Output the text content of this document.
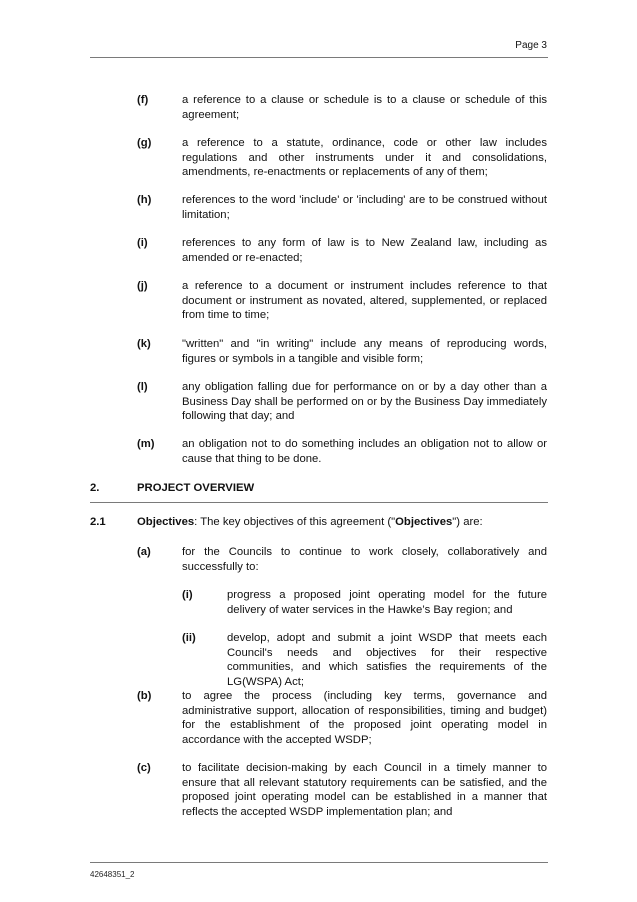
Page 3
(f)	a reference to a clause or schedule is to a clause or schedule of this agreement;
(g)	a reference to a statute, ordinance, code or other law includes regulations and other instruments under it and consolidations, amendments, re-enactments or replacements of any of them;
(h)	references to the word 'include' or 'including' are to be construed without limitation;
(i)	references to any form of law is to New Zealand law, including as amended or re-enacted;
(j)	a reference to a document or instrument includes reference to that document or instrument as novated, altered, supplemented, or replaced from time to time;
(k)	"written" and "in writing" include any means of reproducing words, figures or symbols in a tangible and visible form;
(l)	any obligation falling due for performance on or by a day other than a Business Day shall be performed on or by the Business Day immediately following that day; and
(m) an obligation not to do something includes an obligation not to allow or cause that thing to be done.
2.	PROJECT OVERVIEW
2.1	Objectives: The key objectives of this agreement ("Objectives") are:
(a)	for the Councils to continue to work closely, collaboratively and successfully to:
(i)	progress a proposed joint operating model for the future delivery of water services in the Hawke’s Bay region; and
(ii)	develop, adopt and submit a joint WSDP that meets each Council's needs and objectives for their respective communities, and which satisfies the requirements of the LG(WSPA) Act;
(b)	to agree the process (including key terms, governance and administrative support, allocation of responsibilities, timing and budget) for the establishment of the proposed joint operating model in accordance with the accepted WSDP;
(c)	to facilitate decision-making by each Council in a timely manner to ensure that all relevant statutory requirements can be satisfied, and the proposed joint operating model can be established in a manner that reflects the accepted WSDP implementation plan; and
42648351_2
